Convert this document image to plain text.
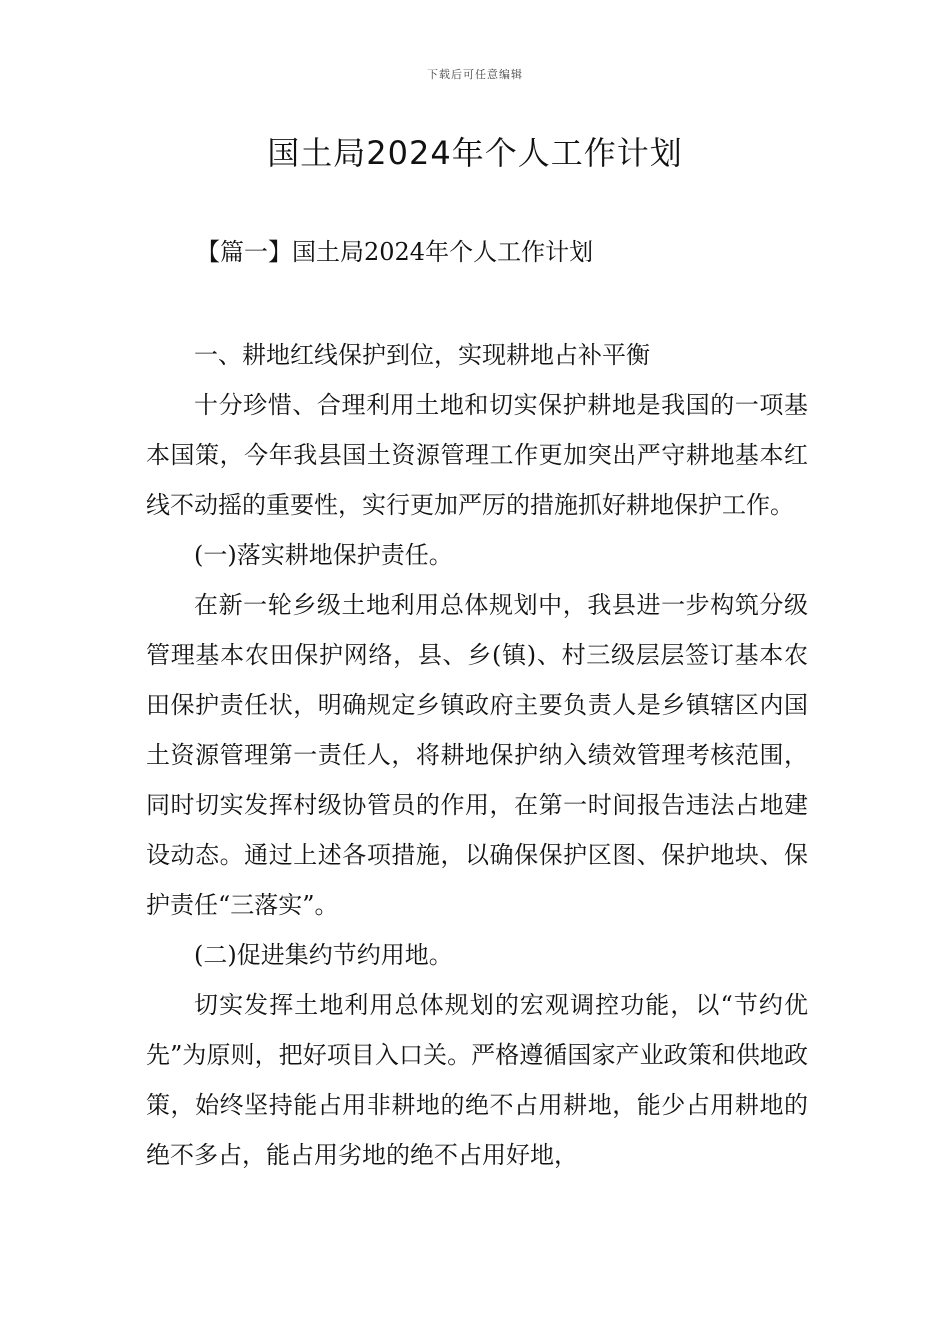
下载后可任意编辑
国土局2024年个人工作计划
【篇一】国土局2024年个人工作计划

一、耕地红线保护到位，实现耕地占补平衡

十分珍惜、合理利用土地和切实保护耕地是我国的一项基本国策，今年我县国土资源管理工作更加突出严守耕地基本红线不动摇的重要性，实行更加严厉的措施抓好耕地保护工作。

(一)落实耕地保护责任。

在新一轮乡级土地利用总体规划中，我县进一步构筑分级管理基本农田保护网络，县、乡(镇)、村三级层层签订基本农田保护责任状，明确规定乡镇政府主要负责人是乡镇辖区内国土资源管理第一责任人，将耕地保护纳入绩效管理考核范围，同时切实发挥村级协管员的作用，在第一时间报告违法占地建设动态。通过上述各项措施，以确保保护区图、保护地块、保护责任“三落实”。

(二)促进集约节约用地。

切实发挥土地利用总体规划的宏观调控功能，以“节约优先”为原则，把好项目入口关。严格遵循国家产业政策和供地政策，始终坚持能占用非耕地的绝不占用耕地，能少占用耕地的绝不多占，能占用劣地的绝不占用好地，
